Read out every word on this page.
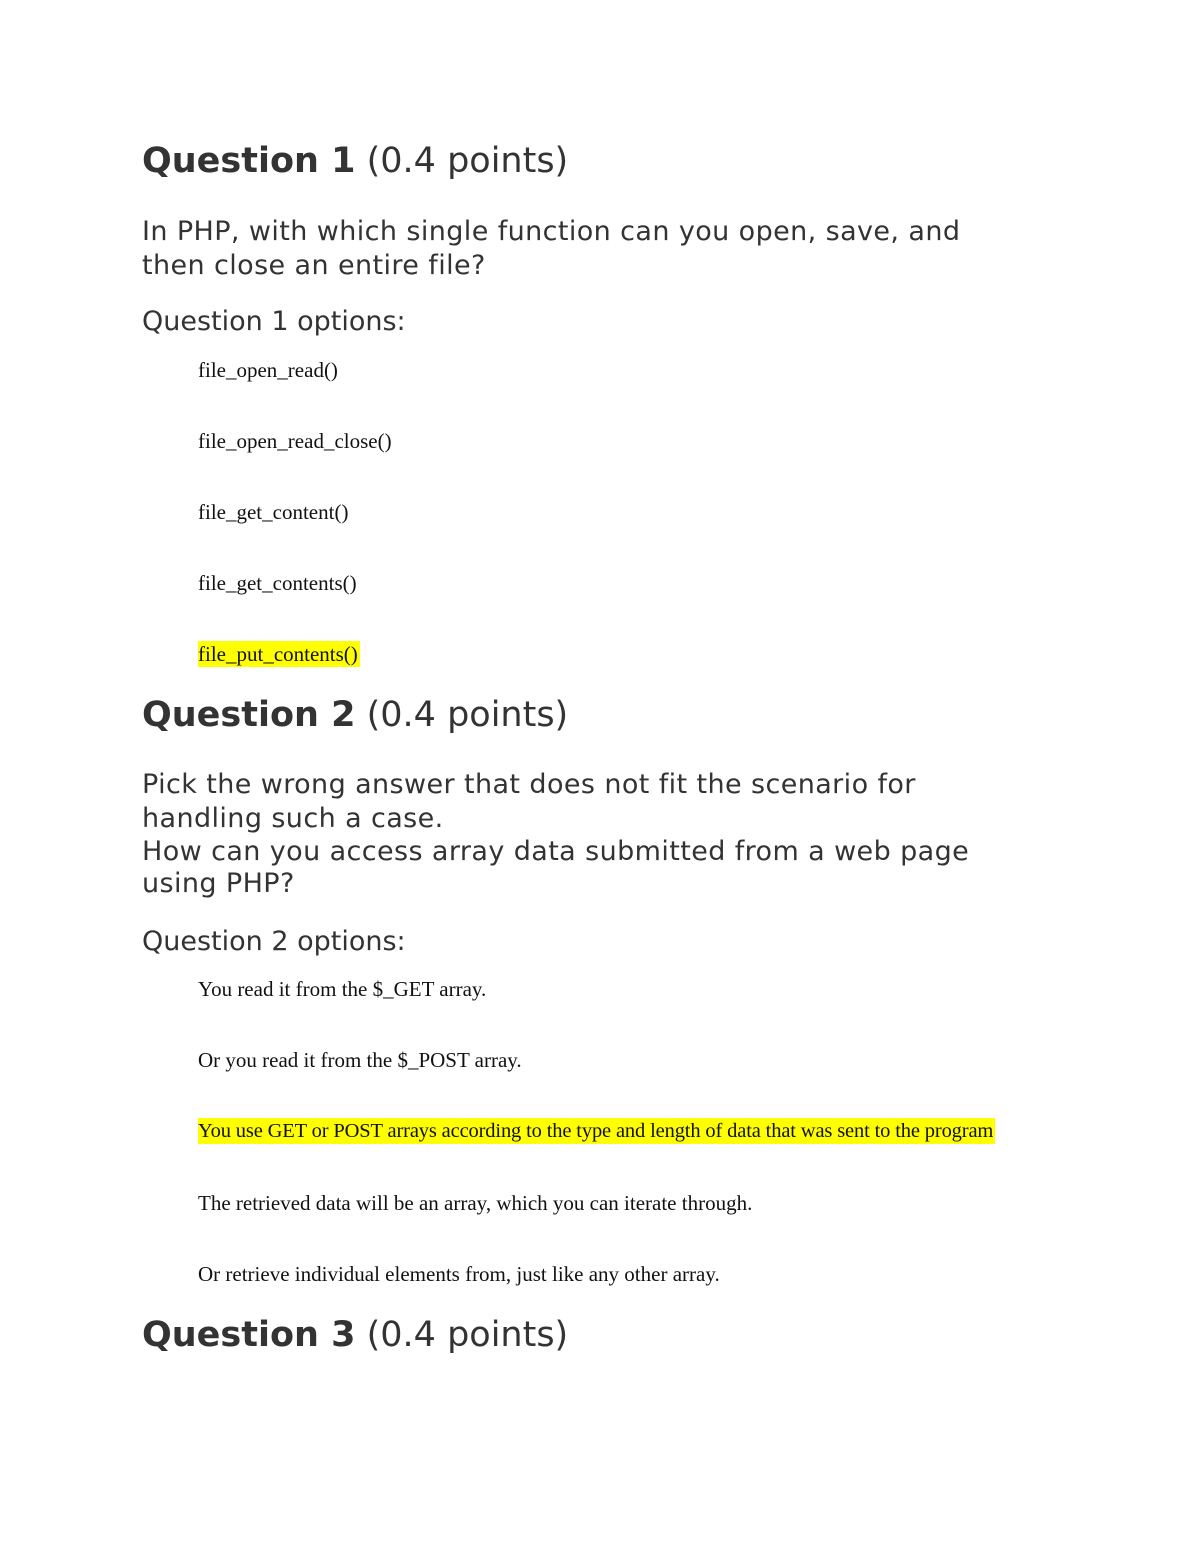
Question 1 (0.4 points)
In PHP, with which single function can you open, save, and
then close an entire file?
Question 1 options:
file_open_read()
file_open_read_close()
file_get_content()
file_get_contents()
file_put_contents()
Question 2 (0.4 points)
Pick the wrong answer that does not fit the scenario for
handling such a case.
How can you access array data submitted from a web page
using PHP?
Question 2 options:
You read it from the $_GET array.
Or you read it from the $_POST array.
You use GET or POST arrays according to the type and length of data that was sent to the program
The retrieved data will be an array, which you can iterate through.
Or retrieve individual elements from, just like any other array.
Question 3 (0.4 points)
